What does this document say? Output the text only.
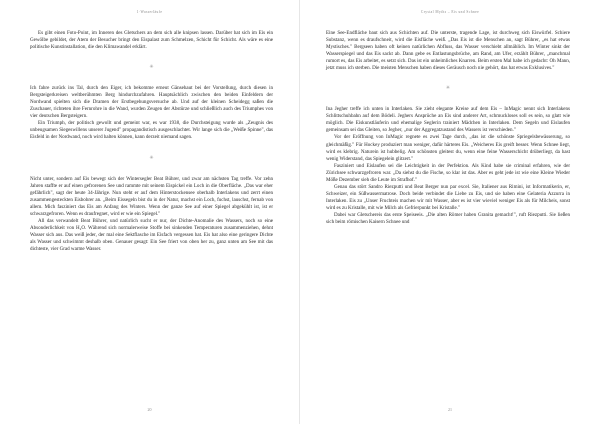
1·Wasserläufe

Es gibt einen Foto-Point, im Inneren des Gletschers an dem sich alle knipsen lassen. Darüber hat sich im Eis ein Gewölbe gebildet, der Atem der Besucher bringt den Eispalast zum Schmelzen, Schicht für Schicht. Als wäre es eine politische Kunstinstallation, die den Klimawandel erklärt.

✳

Ich fahre zurück ins Tal, durch den Eiger, ich bekomme erneut Gänsehaut bei der Vorstellung, durch diesen in Bergsteigerkreisen weltberühmten Berg hindurchzufahren. Hauptsächlich zwischen den beiden Einfeldern der Nordwand spielten sich die Dramen der Erstbegehungsversuche ab. Und auf der kleinen Scheidegg saßen die Zuschauer, richteten ihre Fernrohre in die Wand, wurden Zeugen der Abstürze und schließlich auch des Triumphes von vier deutschen Bergsteigern.

Ein Triumph, der politisch gewollt und gemeint war, es war 1938, die Durchsteigung wurde als „Zeugnis des unbeugsamen Siegeswillens unserer Jugend" propagandistisch ausgeschlachtet. Wir lange sich die „Weiße Spinne", das Eisfeld in der Nordwand, noch wird halten können, kann derzeit niemand sagen.

✳

Nicht unter, sondern auf Eis bewegt sich der Wintersegler Beat Bührer, und zwar am nächsten Tag treffe. Vor zehn Jahren staffte er auf einen gefrorenen See und rammte mit seinem Eispickel ein Loch in die Oberfläche. „Das war eher gefährlich", sagt der heute 34-Jährige. Nun steht er auf dem Hinterstockensee oberhalb Interlakens und zerrt einen zusammengesteckten Eisbohrer an. „Beim Eissegeln bist du in der Natur, machst ein Loch, fuchst, lauschst, fernab von allem. Mich fasziniert das Eis am Anfang des Winters. Wenn der ganze See auf einer Spiegel abgekühlt ist, ist er schwarzgefroren. Wenn es draufregnet, wird er wie ein Spiegel."

All das verwandelt Beat Bührer, und natürlich sucht er nur, der Dichte-Anomalie des Wassers, noch so eine Absonderlichkeit von H₂O. Während sich normalerweise Stoffe bei sinkenden Temperaturen zusammenziehen, dehnt Wasser sich aus. Das weiß jeder, der mal eine Sektflasche im Eisfach vergessen hat. Eis hat also eine geringere Dichte als Wasser und schwimmt deshalb oben. Genauer gesagt: Ein See friert von oben her zu, ganz unten am See mit das dichteste, vier Grad warme Wasser.

20
Crystal Myths – Eis und Schnee

Eine See-Endfläche baut sich aus Schichten auf. Die unterste, tragende Lage, ist durchweg sich Eiswürfel. Schiere Substanz, wenn es draufschneit, wird die Eisfläche weiß. „Das Eis ist die Menschen an, sagt Bührer, „es hat etwas Mystisches." Bergseen haben oft keinen natürlichen Abfluss, das Wasser verschiebt allmählich. Im Winter sinkt der Wasserspiegel und das Eis sackt ab. Dann gebe es Entlastungsbrüche, am Rand, am Ufer, erzählt Bührer, „manchmal rumort es, das Eis arbeitet, es setzt sich. Das ist ein unheimliches Knarren. Beim ersten Mal habe ich gedacht: Oh Mann, jetzt muss ich sterben. Die meisten Menschen haben dieses Geräusch noch nie gehört, das hat etwas Exklusives."

✳

Ina Jegher treffe ich unten in Interlaken. Sie zieht elegante Kreise auf dem Eis – InMagic nennt sich Interlakens Schlittschuhbahn auf dem Bödeli. Jeghers Ansprüche an Eis sind anderer Art, schmuckloses soll es sein, so glatt wie möglich. Die Eiskunstläuferin und ehemalige Seglerin trainiert Mädchen in Interlaken. Dem Segeln und Eislaufen gemeinsam sei das Gleiten, so Jegher, „nur der Aggregatzustand des Wassers ist verschieden."

Vor der Eröffnung von InMagic regnete es zwei Tage durch, „das ist die schönste Spriegelsbewässerung, so gleichmäßig." Für Hockey produziert man weniger, dafür härteres Eis. „Weicheres Eis greift besser. Wenn Schnee liegt, wird es klebrig. Naturein ist hubbelig. Am schönsten gleitest du, wenn eine feine Wasserschicht drüberliegt, da hast wenig Widerstand, das Spiegelein glitzert."

Fasziniert und Eislaufen sei die Leichtigkeit in der Perfektion. Als Kind habe sie criminal erfahren, wie der Zürichsee schwarzgefroren war. „Da siehst du die Fische, so klar ist das. Aber es geht jede ist wie eine Kleine Wieder Möße Dezember sieh die Leute im Strafhof."

Genau das stört Sandro Riezputti und Beat Berger nun par excel. Sie, Italiener aus Rimini, ist Informatikerin, er, Schweizer, ein Süßwassermatrose. Doch beide verbindet die Liebe zu Eis, und sie haben eine Gelateria Azzurra in Interlaken. Eis zu „Unser Fruchteis machen wir mit Wasser, aber es ist vier wieviel weniger Eis als für Milcheis, sonst wird es zu Kristalle, mit wie Milch als Gefrierpunkt bei Kristalle."

Dabei war Gletschereis das erste Speiseeis. „Die alten Römer haben Granita gemacht!", ruft Riezputti. Sie ließen sich beim römischen Kaisern Schnee und

21
